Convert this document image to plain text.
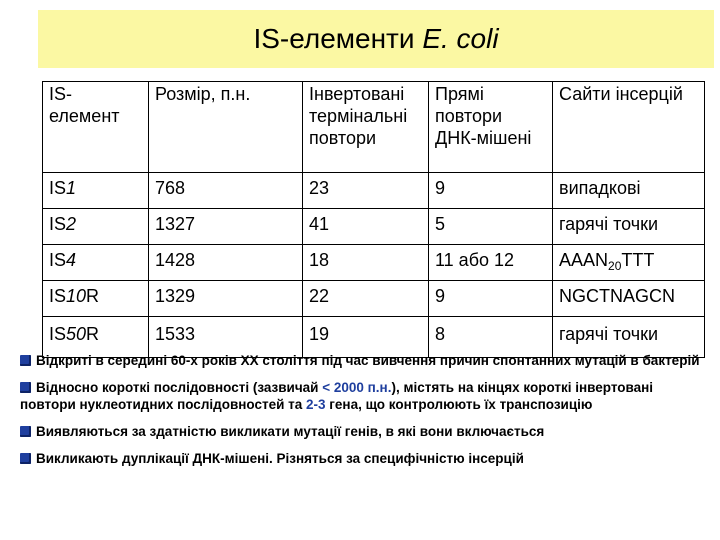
IS-елементи E. coli
IS-елемент	Розмір, п.н.	Інвертовані термінальні повтори	Прямі повтори ДНК-мішені	Сайти інсерцій
IS1	768	23	9	випадкові
IS2	1327	41	5	гарячі точки
IS4	1428	18	11 або 12	$AAAN_{20}TTT$
IS10R	1329	22	9	NGCTNAGCN
IS50R	1533	19	8	гарячі точки

Відкриті в середині 60-х років ХХ століття під час вивчення причин спонтанних мутацій в бактерій

Відносно короткі послідовності (зазвичай < 2000 п.н.), містять на кінцях короткі інвертовані повтори нуклеотидних послідовностей та 2-3 гена, що контролюють їх транспозицію

Виявляються за здатністю викликати мутації генів, в які вони включається

Викликають дуплікації ДНК-мішені. Різняться за специфічністю інсерцій
